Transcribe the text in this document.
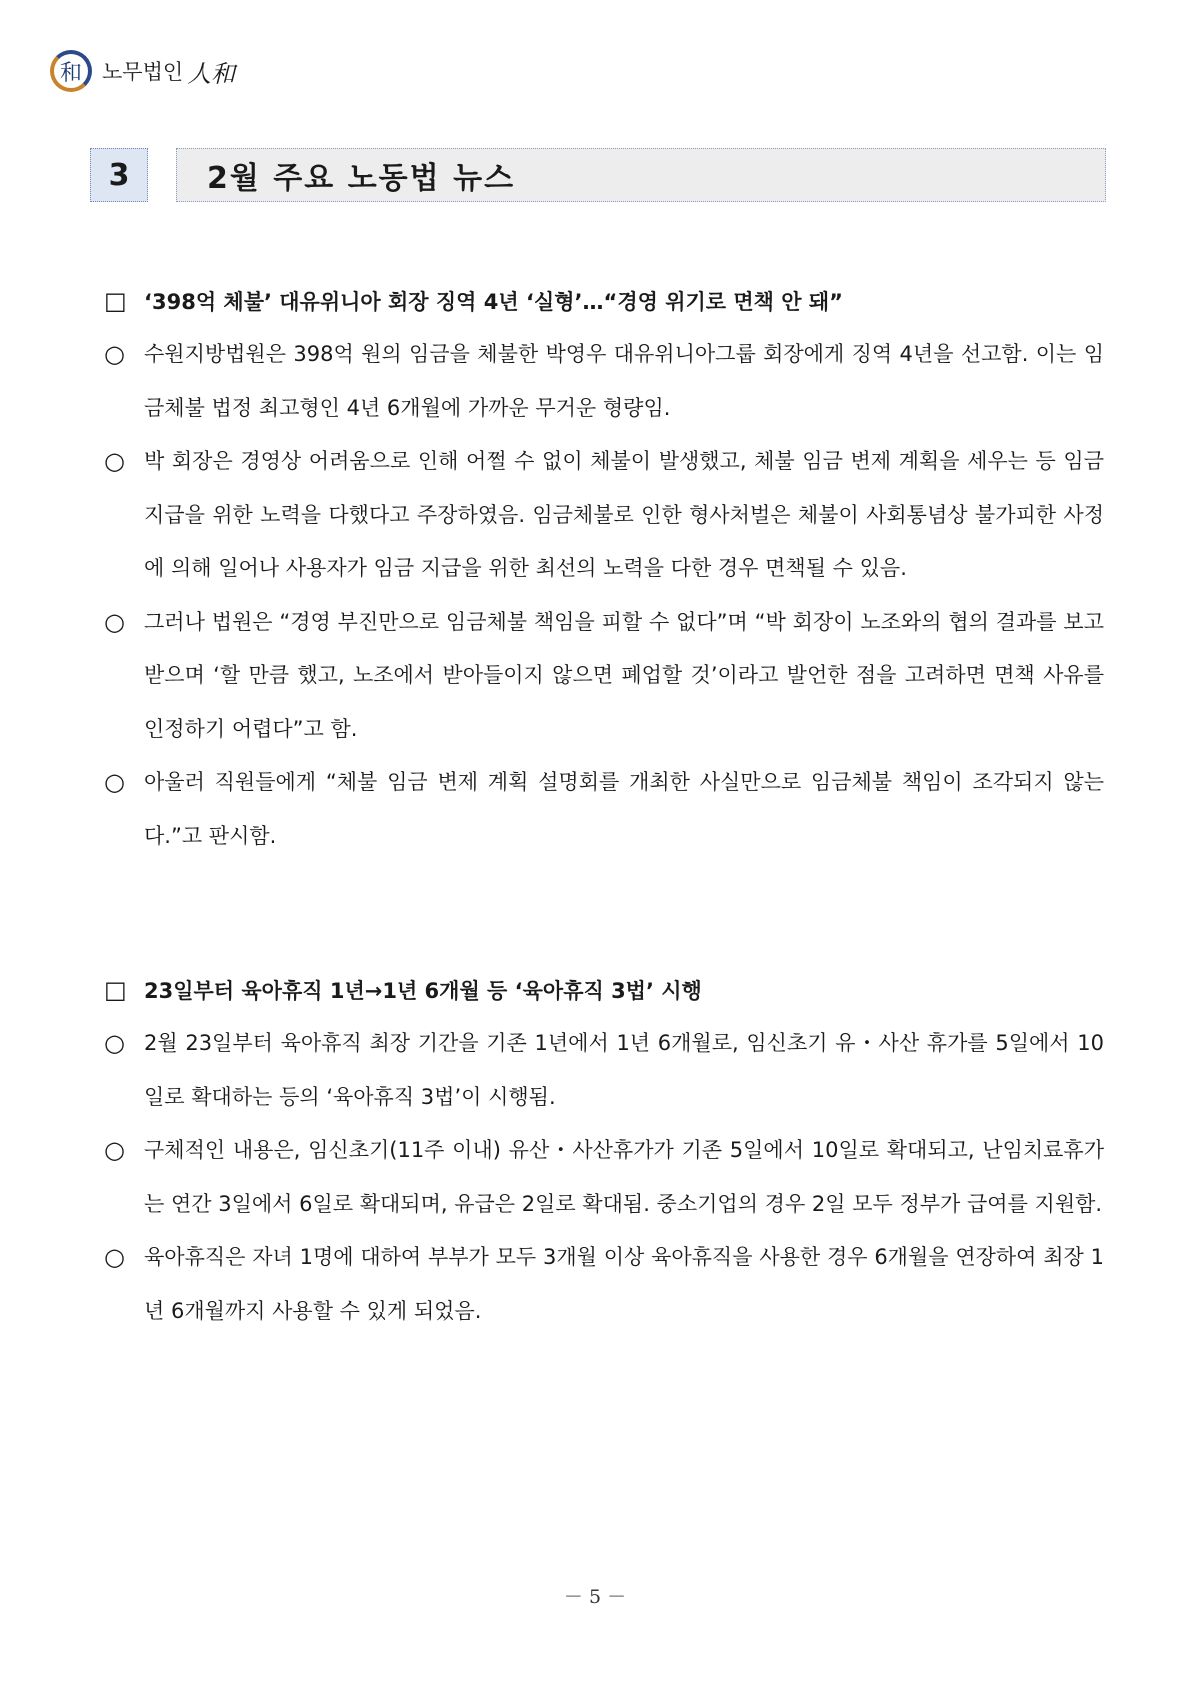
和 노무법인 人和
3	2월 주요 노동법 뉴스
□ ‘398억 체불’ 대유위니아 회장 징역 4년 ‘실형’…“경영 위기로 면책 안 돼”
○ 수원지방법원은 398억 원의 임금을 체불한 박영우 대유위니아그룹 회장에게 징역 4년을 선고함. 이는 임금체불 법정 최고형인 4년 6개월에 가까운 무거운 형량임.
○ 박 회장은 경영상 어려움으로 인해 어쩔 수 없이 체불이 발생했고, 체불 임금 변제 계획을 세우는 등 임금 지급을 위한 노력을 다했다고 주장하였음. 임금체불로 인한 형사처벌은 체불이 사회통념상 불가피한 사정에 의해 일어나 사용자가 임금 지급을 위한 최선의 노력을 다한 경우 면책될 수 있음.
○ 그러나 법원은 “경영 부진만으로 임금체불 책임을 피할 수 없다”며 “박 회장이 노조와의 협의 결과를 보고받으며 ‘할 만큼 했고, 노조에서 받아들이지 않으면 폐업할 것’이라고 발언한 점을 고려하면 면책 사유를 인정하기 어렵다”고 함.
○ 아울러 직원들에게 “체불 임금 변제 계획 설명회를 개최한 사실만으로 임금체불 책임이 조각되지 않는다.”고 판시함.
□ 23일부터 육아휴직 1년→1년 6개월 등 ‘육아휴직 3법’ 시행
○ 2월 23일부터 육아휴직 최장 기간을 기존 1년에서 1년 6개월로, 임신초기 유・사산 휴가를 5일에서 10일로 확대하는 등의 ‘육아휴직 3법’이 시행됨.
○ 구체적인 내용은, 임신초기(11주 이내) 유산・사산휴가가 기존 5일에서 10일로 확대되고, 난임치료휴가는 연간 3일에서 6일로 확대되며, 유급은 2일로 확대됨. 중소기업의 경우 2일 모두 정부가 급여를 지원함.
○ 육아휴직은 자녀 1명에 대하여 부부가 모두 3개월 이상 육아휴직을 사용한 경우 6개월을 연장하여 최장 1년 6개월까지 사용할 수 있게 되었음.
－ 5 －
